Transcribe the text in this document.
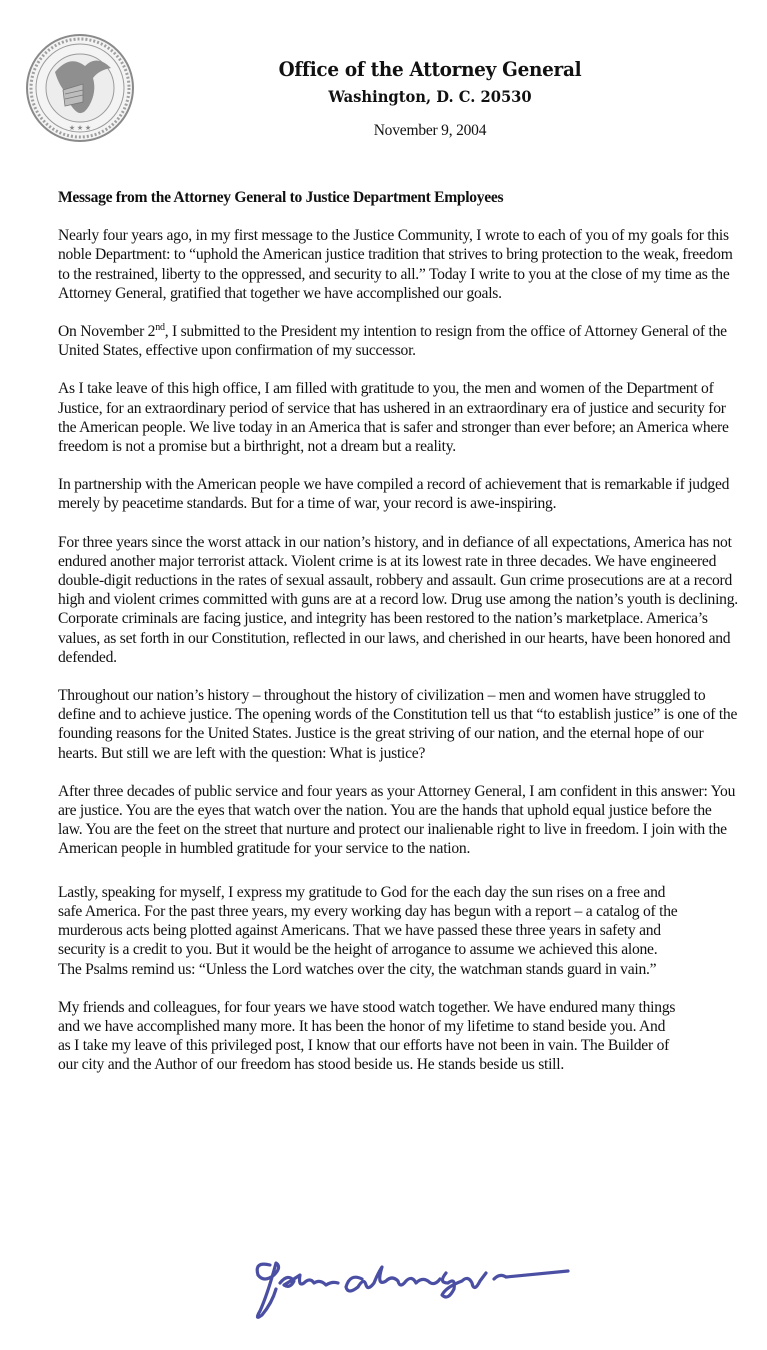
★ ★ ★
Office of the Attorney General
Washington, D. C. 20530
November 9, 2004

Message from the Attorney General to Justice Department Employees

Nearly four years ago, in my first message to the Justice Community, I wrote to each of you of my goals for this noble Department: to “uphold the American justice tradition that strives to bring protection to the weak, freedom to the restrained, liberty to the oppressed, and security to all.” Today I write to you at the close of my time as the Attorney General, gratified that together we have accomplished our goals.

On November 2nd, I submitted to the President my intention to resign from the office of Attorney General of the United States, effective upon confirmation of my successor.

As I take leave of this high office, I am filled with gratitude to you, the men and women of the Department of Justice, for an extraordinary period of service that has ushered in an extraordinary era of justice and security for the American people. We live today in an America that is safer and stronger than ever before; an America where freedom is not a promise but a birthright, not a dream but a reality.

In partnership with the American people we have compiled a record of achievement that is remarkable if judged merely by peacetime standards. But for a time of war, your record is awe-inspiring.

For three years since the worst attack in our nation’s history, and in defiance of all expectations, America has not endured another major terrorist attack. Violent crime is at its lowest rate in three decades. We have engineered double-digit reductions in the rates of sexual assault, robbery and assault. Gun crime prosecutions are at a record high and violent crimes committed with guns are at a record low. Drug use among the nation’s youth is declining. Corporate criminals are facing justice, and integrity has been restored to the nation’s marketplace. America’s values, as set forth in our Constitution, reflected in our laws, and cherished in our hearts, have been honored and defended.

Throughout our nation’s history – throughout the history of civilization – men and women have struggled to define and to achieve justice. The opening words of the Constitution tell us that “to establish justice” is one of the founding reasons for the United States. Justice is the great striving of our nation, and the eternal hope of our hearts. But still we are left with the question: What is justice?

After three decades of public service and four years as your Attorney General, I am confident in this answer: You are justice. You are the eyes that watch over the nation. You are the hands that uphold equal justice before the law. You are the feet on the street that nurture and protect our inalienable right to live in freedom. I join with the American people in humbled gratitude for your service to the nation.

Lastly, speaking for myself, I express my gratitude to God for the each day the sun rises on a free and safe America. For the past three years, my every working day has begun with a report – a catalog of the murderous acts being plotted against Americans. That we have passed these three years in safety and security is a credit to you. But it would be the height of arrogance to assume we achieved this alone. The Psalms remind us: “Unless the Lord watches over the city, the watchman stands guard in vain.”

My friends and colleagues, for four years we have stood watch together. We have endured many things and we have accomplished many more. It has been the honor of my lifetime to stand beside you. And as I take my leave of this privileged post, I know that our efforts have not been in vain. The Builder of our city and the Author of our freedom has stood beside us. He stands beside us still.
